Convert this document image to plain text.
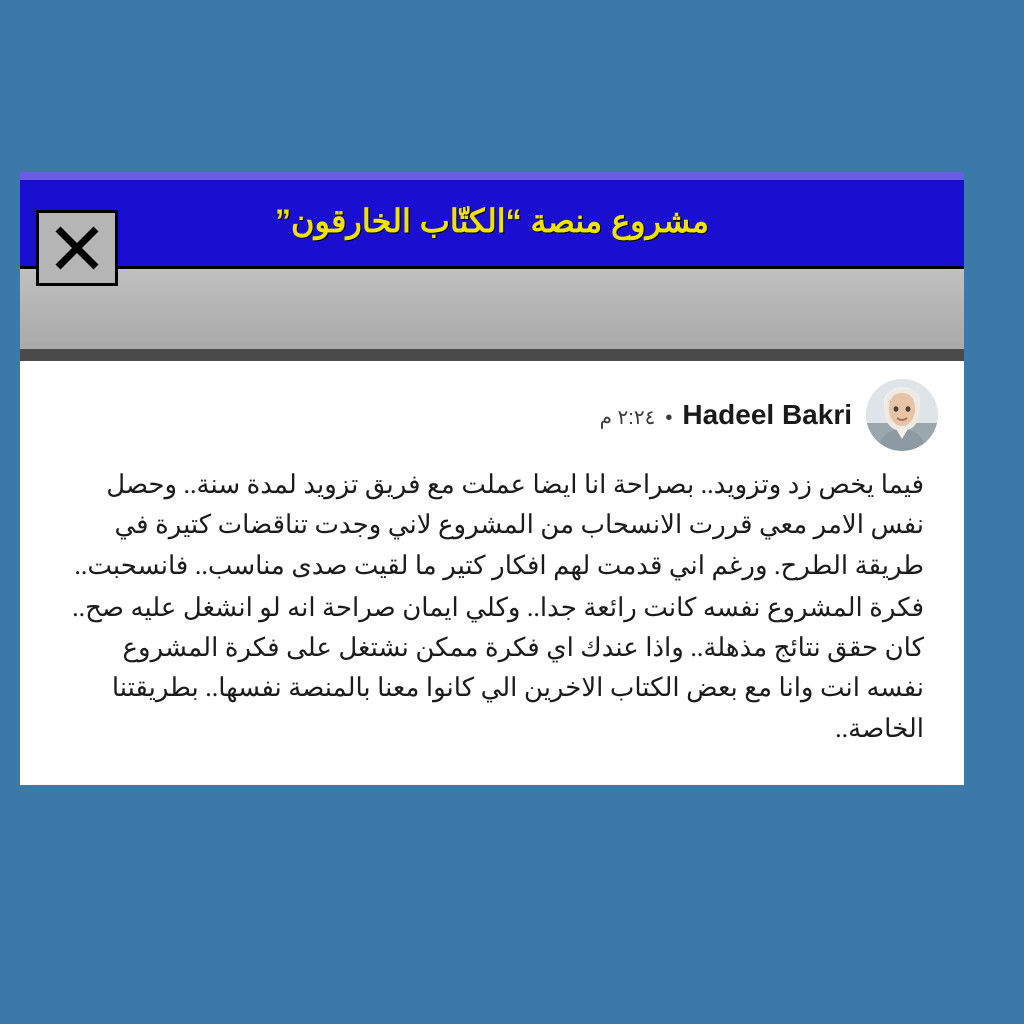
مشروع منصة “الكتّاب الخارقون”
Hadeel Bakri
•
٢:٢٤ م

فيما يخص زد وتزويد.. بصراحة انا ايضا عملت مع فريق تزويد لمدة سنة.. وحصل نفس الامر معي قررت الانسحاب من المشروع لاني وجدت تناقضات كتيرة في طريقة الطرح. ورغم اني قدمت لهم افكار كتير ما لقيت صدى مناسب.. فانسحبت..

فكرة المشروع نفسه كانت رائعة جدا.. وكلي ايمان صراحة انه لو انشغل عليه صح.. كان حقق نتائج مذهلة.. واذا عندك اي فكرة ممكن نشتغل على فكرة المشروع نفسه انت وانا مع بعض الكتاب الاخرين الي كانوا معنا بالمنصة نفسها.. بطريقتنا الخاصة..
